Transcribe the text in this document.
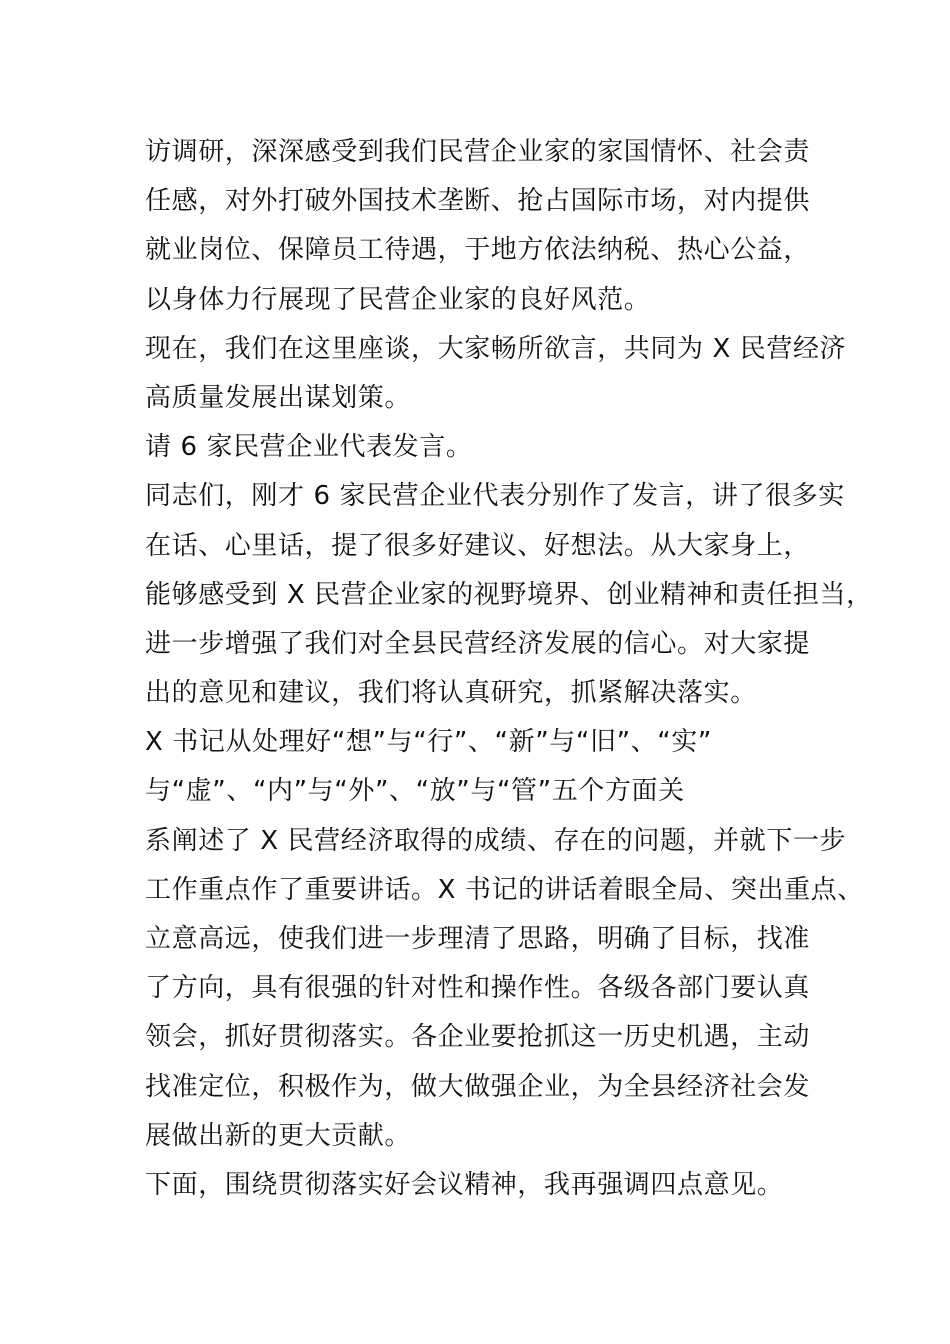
访调研，深深感受到我们民营企业家的家国情怀、社会责
任感，对外打破外国技术垄断、抢占国际市场，对内提供
就业岗位、保障员工待遇，于地方依法纳税、热心公益，
以身体力行展现了民营企业家的良好风范。
现在，我们在这里座谈，大家畅所欲言，共同为 X 民营经济
高质量发展出谋划策。
请 6 家民营企业代表发言。
同志们，刚才 6 家民营企业代表分别作了发言，讲了很多实
在话、心里话，提了很多好建议、好想法。从大家身上，
能够感受到 X 民营企业家的视野境界、创业精神和责任担当，
进一步增强了我们对全县民营经济发展的信心。对大家提
出的意见和建议，我们将认真研究，抓紧解决落实。
X 书记从处理好“想”与“行”、“新”与“旧”、“实”
与“虚”、“内”与“外”、“放”与“管”五个方面关
系阐述了 X 民营经济取得的成绩、存在的问题，并就下一步
工作重点作了重要讲话。X 书记的讲话着眼全局、突出重点、
立意高远，使我们进一步理清了思路，明确了目标，找准
了方向，具有很强的针对性和操作性。各级各部门要认真
领会，抓好贯彻落实。各企业要抢抓这一历史机遇，主动
找准定位，积极作为，做大做强企业，为全县经济社会发
展做出新的更大贡献。
下面，围绕贯彻落实好会议精神，我再强调四点意见。
